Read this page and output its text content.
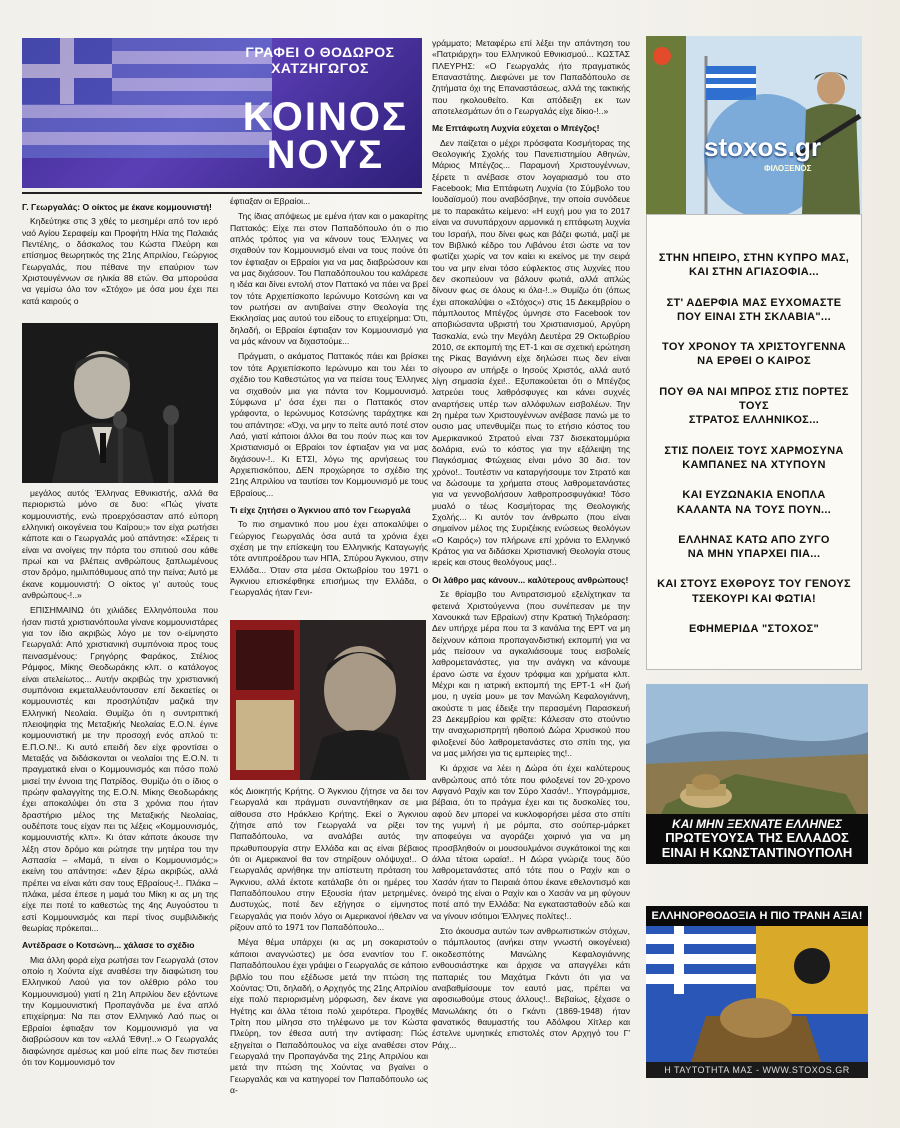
ΓΡΑΦΕΙ Ο ΘΟΔΩΡΟΣ ΧΑΤΖΗΓΩΓΟΣ
ΚΟΙΝΟΣ
ΝΟΥΣ
Γ. Γεωργαλάς: Ο οίκτος με έκανε κομμουνιστή!

Κηδεύτηκε στις 3 χθές το μεσημέρι από τον ιερό ναό Αγίου Σεραφείμ και Προφήτη Ηλία της Παλαιάς Πεντέλης, ο δάσκαλος του Κώστα Πλεύρη και επίσημος θεωρητικός της 21ης Απριλίου, Γεώργιος Γεωργαλάς, που πέθανε την επαύριον των Χριστουγέννων σε ηλικία 88 ετών. Θα μπορούσα να γεμίσω όλο τον «Στόχο» με όσα μου έχει πει κατά καιρούς ο

μεγάλος αυτός Έλληνας Εθνικιστής, αλλά θα περιοριστώ μόνο σε δυο: «Πώς γίνατε κομμουνιστής, ενώ προερχόσασταν από εύπορη ελληνική οικογένεια του Καίρου;» τον είχα ρωτήσει κάποτε και ο Γεωργαλάς μού απάντησε: «Σέρεις τι είναι να ανοίγεις την πόρτα του σπιτιού σου κάθε πρωί και να βλέπεις ανθρώπους ξαπλωμένους στον δρόμο, ημιλιπόθυμους από την πείνα; Αυτό με έκανε κομμουνιστή: Ο οίκτος γι' αυτούς τους ανθρώπους-!..»

ΕΠΙΣΗΜΑΙΝΩ ότι χιλιάδες Ελληνόπουλα που ήσαν πιστά χριστιανόπουλα γίνανε κομμουνιστάρες για τον ίδιο ακριβώς λόγο με τον ο-είμνηστο Γεωργαλά: Από χριστιανική συμπόνοια προς τους πεινασμένους: Γρηγόρης Φαράκος, Στέλιος Ράμφος, Μίκης Θεοδωράκης κλπ. ο κατάλογος είναι ατελείωτος... Αυτήν ακριβώς την χριστιανική συμπόνοια εκμεταλλευόντουσαν επί δεκαετίες οι κομμουνιστές και προσηλύτιζαν μαζικά την Ελληνική Νεολαία. Θυμίζω ότι η συντριπτική πλειοψηφία της Μεταξικής Νεολαίας Ε.Ο.Ν. έγινε κομμουνιστική με την προσοχή ενός απλού τι: Ε.Π.Ο.Ν!.. Κι αυτό επειδή δεν είχε φροντίσει ο Μεταξάς να διδάσκονται οι νεολαίοι της Ε.Ο.Ν. τι πραγματικά είναι ο Κομμουνισμός και πόσο πολύ μισεί την έννοια της Πατρίδος. Θυμίζω ότι ο ίδιος ο πρώην φαλαγγίτης της Ε.Ο.Ν. Μίκης Θεοδωράκης έχει αποκαλύψει ότι στα 3 χρόνια που ήταν δραστήριο μέλος της Μεταξικής Νεολαίας, ουδέποτε τους είχαν πει τις λέξεις «Κομμουνισμός, κομμουνιστής κλπ». Κι όταν κάποτε άκουσε την λέξη στον δρόμο και ρώτησε την μητέρα του την Ασπασία – «Μαμά, τι είναι ο Κομμουνισμός;» εκείνη του απάντησε: «Δεν ξέρω ακριβώς, αλλά πρέπει να είναι κάτι σαν τους Εβραίους-!.. Πλάκα – πλάκα, μέσα έπεσε η μαμά του Μίκη κι ας μη της είχε πει ποτέ το καθεστώς της 4ης Αυγούστου τι εστί Κομμουνισμός και περί τίνος συμβιλιδικής θεωρίας πρόκειται...

Αντέδρασε ο Κοτσώνη... χάλασε το σχέδιο

Μια άλλη φορά είχα ρωτήσει τον Γεωργαλά (στον οποίο η Χούντα είχε αναθέσει την διαφώτιση του Ελληνικού Λαού για τον ολέθριο ρόλο του Κομμουνισμού) γιατί η 21η Απριλίου δεν εξόντωνε την Κομμουνιστική Προπαγάνδα με ένα απλό επιχείρημα: Να πει στον Ελληνικό Λαό πως οι Εβραίοι έφτιαξαν τον Κομμουνισμό για να διαβρώσουν και τον «ελλά Έθνη!..» Ο Γεωργαλάς διαφώνησε αμέσως και μού είπε πως δεν πιστεύει ότι τον Κομμουνισμό τον

έφτιαξαν οι Εβραίοι...

Της ίδιας απόψεως με εμένα ήταν και ο μακαρίτης Παττακός: Είχε πει στον Παπαδόπουλο ότι ο πιο απλός τρόπος για να κάνουν τους Έλληνες να σιχαθούν τον Κομμουνισμό είναι να τους πούνε ότι τον έφτιαξαν οι Εβραίοι για να μας διαβρώσουν και να μας διχάσουν. Του Παπαδόπουλου του καλάρεσε η ιδέα και δίνει εντολή στον Παττακό να πάει να βρεί τον τότε Αρχιεπίσκοπο Ιερώνυμο Κοτσώνη και να τον ρωτήσει αν αντιβαίνει στην Θεολογία της Εκκλησίας μας αυτού του είδους το επιχείρημα: Ότι, δηλαδή, οι Εβραίοι έφτιαξαν τον Κομμουνισμό για να μάς κάνουν να διχαστούμε...

Πράγματι, ο ακάματος Παττακός πάει και βρίσκει τον τότε Αρχιεπίσκοπο Ιερώνυμο και του λέει το σχέδιο του Καθεστώτος για να πείσει τους Έλληνες να σιχαθούν μια για πάντα τον Κομμουνισμό. Σύμφωνα μ' όσα έχει πει ο Παττακός στον γράφοντα, ο Ιερώνυμος Κοτσώνης ταράχτηκε και του απάντησε: «Όχι, να μην το πείτε αυτό ποτέ στον Λαό, γιατί κάποιοι άλλοι θα του πούν πως και τον Χριστιανισμό οι Εβραίοι τον έφτιαξαν για να μας διχάσουν-!.. Κι ΕΤΣΙ, λόγω της αρνήσεως του Αρχιεπισκόπου, ΔΕΝ προχώρησε το σχέδιο της 21ης Απριλίου να ταυτίσει τον Κομμουνισμό με τους Εβραίους...

Τι είχε ζητήσει ο Άγκνιου από τον Γεωργαλά

Το πιο σημαντικό που μου έχει αποκαλύψει ο Γεώργιος Γεωργαλάς όσα αυτά τα χρόνια έχει σχέση με την επίσκεψη του Ελληνικής Καταγωγής τότε αντιπροέδρου των ΗΠΑ, Σπύρου Άγκνιου, στην Ελλάδα... Όταν στα μέσα Οκτωβρίου του 1971 ο Άγκνιου επισκέφθηκε επισήμως την Ελλάδα, ο Γεωργαλάς ήταν Γενι-

κός Διοικητής Κρήτης. Ο Άγκνιου ζήτησε να δει τον Γεωργαλά και πράγματι συναντήθηκαν σε μια αίθουσα στο Ηράκλειο Κρήτης. Εκεί ο Άγκνιου ζήτησε από τον Γεωργαλά να ρίξει τον Παπαδόπουλο, να αναλάβει αυτός την πρωθυπουργία στην Ελλάδα και ας είναι βέβαιος ότι οι Αμερικανοί θα τον στηρίξουν ολόψυχα!.. Ο Γεωργαλάς αρνήθηκε την απίστευτη πρόταση του Άγκνιου, αλλά έκτοτε κατάλαβε ότι οι ημέρες του Παπαδόπουλου στην Εξουσία ήταν μετρημένες. Δυστυχώς, ποτέ δεν εξήγησε ο είμνηστος Γεωργαλάς για ποιόν λόγο οι Αμερικανοί ήθελαν να ρίξουν από το 1971 τον Παπαδόπουλο...

Μέγα θέμα υπάρχει (κι ας μη σοκαριστούν κάποιοι αναγνώστες) με όσα εναντίον του Γ. Παπαδόπουλου έχει γράψει ο Γεωργαλάς σε κάποιο βιβλίο του που εξέδωσε μετά την πτώση της Χούντας: Ότι, δηλαδή, ο Αρχηγός της 21ης Απριλίου είχε πολύ περιορισμένη μόρφωση, δεν έκανε για Ηγέτης και άλλα τέτοια πολύ χειρότερα. Προχθές Τρίτη που μίλησα στο τηλέφωνο με τον Κώστα Πλεύρη, τον έθεσα αυτή την αντίφαση: Πώς εξηγείται ο Παπαδόπουλος να είχε αναθέσει στον Γεωργαλά την Προπαγάνδα της 21ης Απριλίου και μετά την πτώση της Χούντας να βγαίνει ο Γεωργαλάς και να κατηγορεί τον Παπαδόπουλο ως α-

γράμματο; Μεταφέρω επί λέξει την απάντηση του «Πατριάρχη» του Ελληνικού Εθνικισμού... ΚΩΣΤΑΣ ΠΛΕΥΡΗΣ: «Ο Γεωργαλάς ήτο πραγματικός Επαναστάτης. Διεφώνει με τον Παπαδόπουλο σε ζητήματα όχι της Επαναστάσεως, αλλά της τακτικής που ηκολουθείτο. Και απόδειξη εκ των αποτελεσμάτων ότι ο Γεωργαλάς είχε δίκιο-!..»

Με Επτάφωτη Λυχνία εύχεται ο Μπέγζος!

Δεν παίζεται ο μέχρι πρόσφατα Κοσμήτορας της Θεολογικής Σχολής του Πανεπιστημίου Αθηνών, Μάριος Μπέγζος... Παραμονή Χριστουγέννων, ξέρετε τι ανέβασε στον λογαριασμό του στο Facebook; Μια Επτάφωτη Λυχνία (το Σύμβολο του Ιουδαϊσμού) που αναβόσβηνε, την οποία συνόδευε με το παρακάτω κείμενο: «Η ευχή μου για το 2017 είναι να συνυπάρχουν αρμονικά η επτάφωτη λυχνία του Ισραήλ, που δίνει φως και βάζει φωτιά, μαζί με τον Βιβλικό κέδρο του Λιβάνου έτσι ώστε να τον φωτίζει χωρίς να τον καίει κι εκείνος με την σειρά του να μην είναι τόσο εύφλεκτος στις λυχνίες που δεν σκοπεύουν να βάλουν φωτιά, αλλά απλώς δίνουν φως σε όλους κι όλα-!..» Θυμίζω ότι (όπως έχει αποκαλύψει ο «Στόχος») στις 15 Δεκεμβρίου ο πάμπλουτος Μπέγζος ύμνησε στο Facebook τον αποβιώσαντα υβριστή του Χριστιανισμού, Αργύρη Τασκαλία, ενώ την Μεγάλη Δευτέρα 29 Οκτωβρίου 2010, σε εκπομπή της ΕΤ-1 και σε σχετική ερώτηση της Ρίκας Βαγιάννη είχε δηλώσει πως δεν είναι σίγουρο αν υπήρξε ο Ιησούς Χριστός, αλλά αυτό λίγη σημασία έχει!.. Εξυπακούεται ότι ο Μπέγζος λατρεύει τους λαθρόσφυγες και κάνει συχνές αναρτήσεις υπέρ των αλλόφυλων εισβολέων. Την 2η ημέρα των Χριστουγέννων ανέβασε πανώ με το ουσιο μας υπενθυμίζει πως το ετήσιο κόστος του Αμερικανικού Στρατού είναι 737 δισεκατομμύρια δολάρια, ενώ το κόστος για την εξάλειψη της Παγκόσμιας Φτώχειας είναι μόνο 30 δισ. τον χρόνο!.. Τουτέστιν να καταργήσουμε τον Στρατό και να δώσουμε τα χρήματα στους λαθρομετανάστες για να γεννοβολήσουν λαθροπροσφυγάκια! Τόσο μυαλό ο τέως Κοσμήτορας της Θεολογικής Σχολής... Κι αυτόν τον άνθρωπο (που είναι σημαίνον μέλος της Συριζέικης ενώσεως θεολόγων «Ο Καιρός») τον πλήρωνε επί χρόνια το Ελληνικό Κράτος για να διδάσκει Χριστιανική Θεολογία στους ιερείς και στους θεολόγους μας!..

Οι λάθρο μας κάνουν... καλύτερους ανθρώπους!

Σε θρίαμβο του Αντιρατσισμού εξελίχτηκαν τα φετεινά Χριστούγεννα (που συνέπεσαν με την Χανουκκά των Εβραίων) στην Κρατική Τηλεόραση: Δεν υπήρχε μέρα που τα 3 κανάλια της ΕΡΤ να μη δείχνουν κάποια προπαγανδιστική εκπομπή για να μάς πείσουν να αγκαλιάσουμε τους εισβολείς λαθρομετανάστες, για την ανάγκη να κάνουμε έρανο ώστε να έχουν τρόφιμα και χρήματα κλπ. Μέχρι και η ιατρική εκπομπή της ΕΡΤ-1 «Η ζωή μου, η υγεία μου» με τον Μανώλη Κεφαλογιάννη, ακούστε τι μας έδειξε την περασμένη Παρασκευή 23 Δεκεμβρίου και φρίξτε: Κάλεσαν στο στούντιο την αναχωρισπρητή ηθοποιό Δώρα Χρυσικού που φιλοξενεί δύο λαθρομετανάστες στο σπίτι της, για να μας μιλήσει για τις εμπειρίες της!..

Κι άρχισε να λέει η Δώρα ότι έχει καλύτερους ανθρώπους από τότε που φιλοξενεί τον 20-χρονο Αφγανό Ραχίν και τον Σύρο Χασάν!.. Υπογράμμισε, βέβαια, ότι το πράγμα έχει και τις δυσκολίες του, αφού δεν μπορεί να κυκλοφορήσει μέσα στο σπίτι της γυμνή ή με ρόμπα, στο σούπερ-μάρκετ αποφεύγει να αγοράζει χοιρινό για να μη προσβληθούν οι μουσουλμάνοι συγκάτοικοί της και άλλα τέτοια ωραία!.. Η Δώρα γνώριζε τους δύο λαθρομετανάστες από τότε που ο Ραχίν και ο Χασάν ήταν το Πειραιά όπου έκανε εθελοντισμό και όνειρό της είναι ο Ραχίν και ο Χασάν να μη φύγουν ποτέ από την Ελλάδα: Να εγκατασταθούν εδώ και να γίνουν ισότιμοι Έλληνες πολίτες!..

Στο άκουσμα αυτών των ανθρωπιστικών στόχων, ο πάμπλουτος (ανήκει στην γνωστή οικογένεια) οικοδεσπότης Μανώλης Κεφαλογιάννης ενθουσιάστηκε και άρχισε να απαγγέλει κάτι παπαριές του Μαχάτμα Γκάντι ότι για να αναβαθμίσουμε τον εαυτό μας, πρέπει να αφοσιωθούμε στους άλλους!.. Βεβαίως, ξέχασε ο Μανωλάκης ότι ο Γκάντι (1869-1948) ήταν φανατικός θαυμαστής του Αδόλφου Χίτλερ και έστελνε υμνητικές επιστολές στον Αρχηγό του Γ' Ράιχ...

stoxos.gr
ΦΙΛΟΞΕΝΟΣ
ΣΤΗΝ ΗΠΕΙΡΟ, ΣΤΗΝ ΚΥΠΡΟ ΜΑΣ,
ΚΑΙ ΣΤΗΝ ΑΓΙΑΣΟΦΙΑ...
ΣΤ' ΑΔΕΡΦΙΑ ΜΑΣ ΕΥΧΟΜΑΣΤΕ
ΠΟΥ ΕΙΝΑΙ ΣΤΗ ΣΚΛΑΒΙΑ"...
ΤΟΥ ΧΡΟΝΟΥ ΤΑ ΧΡΙΣΤΟΥΓΕΝΝΑ
ΝΑ ΕΡΘΕΙ Ο ΚΑΙΡΟΣ
ΠΟΥ ΘΑ ΝΑΙ ΜΠΡΟΣ ΣΤΙΣ ΠΟΡΤΕΣ
ΤΟΥΣ
ΣΤΡΑΤΟΣ ΕΛΛΗΝΙΚΟΣ...
ΣΤΙΣ ΠΟΛΕΙΣ ΤΟΥΣ ΧΑΡΜΟΣΥΝΑ
ΚΑΜΠΑΝΕΣ ΝΑ ΧΤΥΠΟΥΝ
ΚΑΙ ΕΥΖΩΝΑΚΙΑ ΕΝΟΠΛΑ
ΚΑΛΑΝΤΑ ΝΑ ΤΟΥΣ ΠΟΥΝ...
ΕΛΛΗΝΑΣ ΚΑΤΩ ΑΠΟ ΖΥΓΟ
ΝΑ ΜΗΝ ΥΠΑΡΧΕΙ ΠΙΑ...
ΚΑΙ ΣΤΟΥΣ ΕΧΘΡΟΥΣ ΤΟΥ ΓΕΝΟΥΣ
ΤΣΕΚΟΥΡΙ ΚΑΙ ΦΩΤΙΑ!
ΕΦΗΜΕΡΙΔΑ "ΣΤΟΧΟΣ"
ΚΑΙ ΜΗΝ ΞΕΧΝΑΤΕ ΕΛΛΗΝΕΣ
ΠΡΩΤΕΥΟΥΣΑ ΤΗΣ ΕΛΛΑΔΟΣ
ΕΙΝΑΙ Η ΚΩΝΣΤΑΝΤΙΝΟΥΠΟΛΗ
ΕΛΛΗΝΟΡΘΟΔΟΞΙΑ Η ΠΙΟ ΤΡΑΝΗ ΑΞΙΑ!
Η ΤΑΥΤΟΤΗΤΑ ΜΑΣ - WWW.STOXOS.GR
